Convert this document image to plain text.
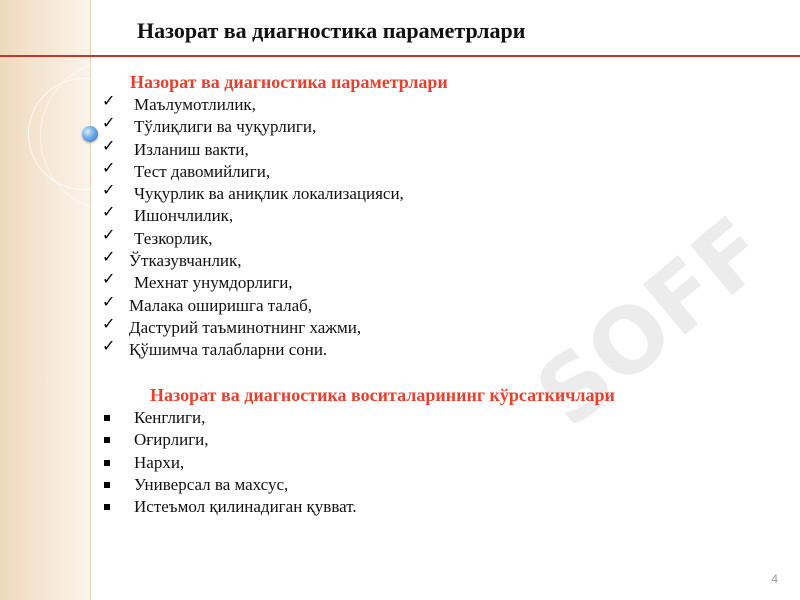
SOFF
Назорат ва диагностика параметрлари
Назорат ва диагностика параметрлари
✓ Маълумотлилик,
✓ Тўлиқлиги ва чуқурлиги,
✓ Изланиш вакти,
✓ Тест давомийлиги,
✓ Чуқурлик ва аниқлик локализацияси,
✓ Ишончлилик,
✓ Тезкорлик,
✓ Ўтказувчанлик,
✓ Мехнат унумдорлиги,
✓ Малака оширишга талаб,
✓ Дастурий таъминотнинг хажми,
✓ Қўшимча талабларни сони.
Назорат ва диагностика воситаларининг кўрсаткичлари
Кенглиги,
Оғирлиги,
Нархи,
Универсал ва махсус,
Истеъмол қилинадиган қувват.
4
